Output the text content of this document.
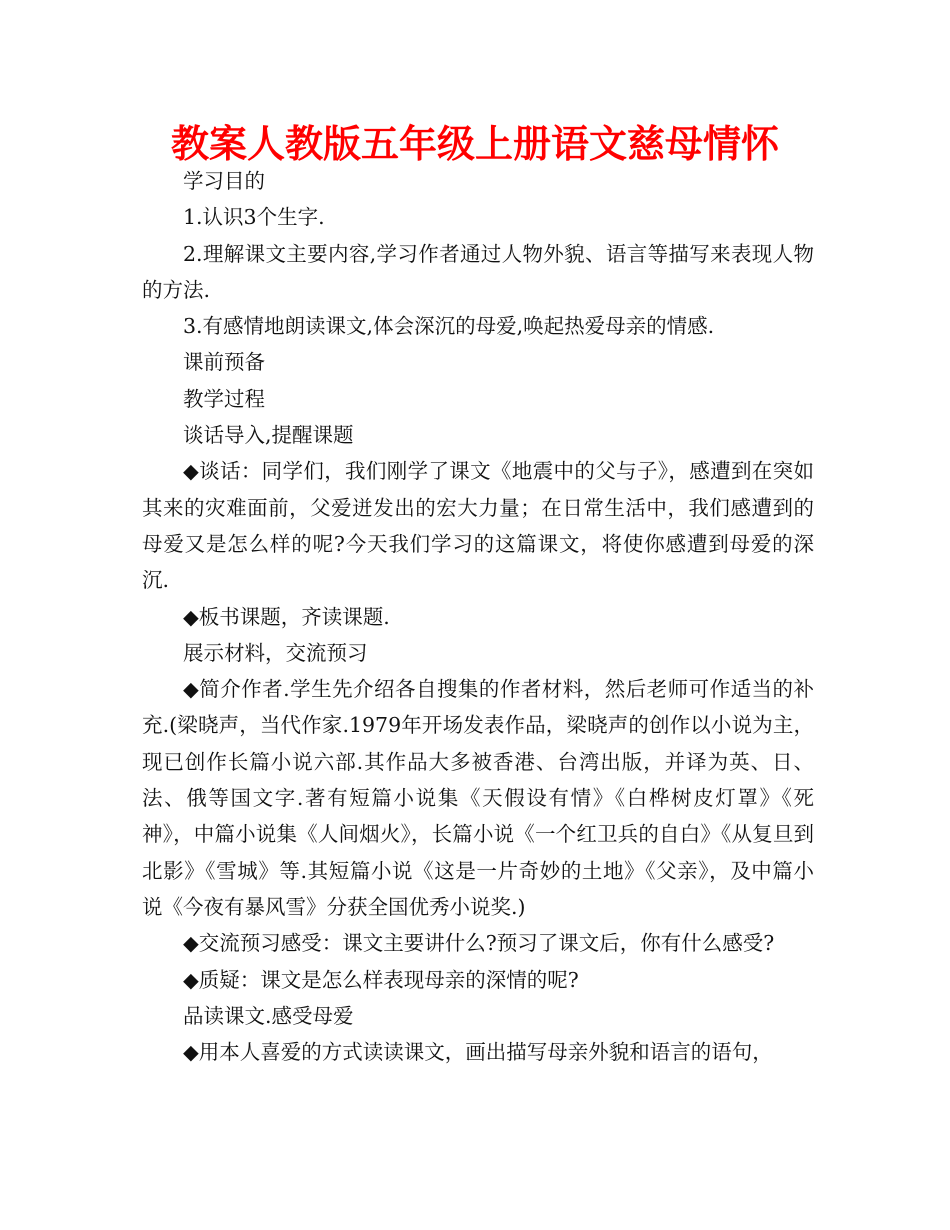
教案人教版五年级上册语文慈母情怀

学习目的

1.认识3个生字.

2.理解课文主要内容,学习作者通过人物外貌、语言等描写来表现人物的方法.

3.有感情地朗读课文,体会深沉的母爱,唤起热爱母亲的情感.

课前预备

教学过程

谈话导入,提醒课题

◆谈话：同学们，我们刚学了课文《地震中的父与子》，感遭到在突如其来的灾难面前，父爱迸发出的宏大力量；在日常生活中，我们感遭到的母爱又是怎么样的呢?今天我们学习的这篇课文，将使你感遭到母爱的深沉.

◆板书课题，齐读课题.

展示材料，交流预习

◆简介作者.学生先介绍各自搜集的作者材料，然后老师可作适当的补充.(梁晓声，当代作家.1979年开场发表作品，梁晓声的创作以小说为主，现已创作长篇小说六部.其作品大多被香港、台湾出版，并译为英、日、法、俄等国文字.著有短篇小说集《天假设有情》《白桦树皮灯罩》《死神》，中篇小说集《人间烟火》，长篇小说《一个红卫兵的自白》《从复旦到北影》《雪城》等.其短篇小说《这是一片奇妙的土地》《父亲》，及中篇小说《今夜有暴风雪》分获全国优秀小说奖.)

◆交流预习感受：课文主要讲什么?预习了课文后，你有什么感受?

◆质疑：课文是怎么样表现母亲的深情的呢?

品读课文.感受母爱

◆用本人喜爱的方式读读课文，画出描写母亲外貌和语言的语句，
